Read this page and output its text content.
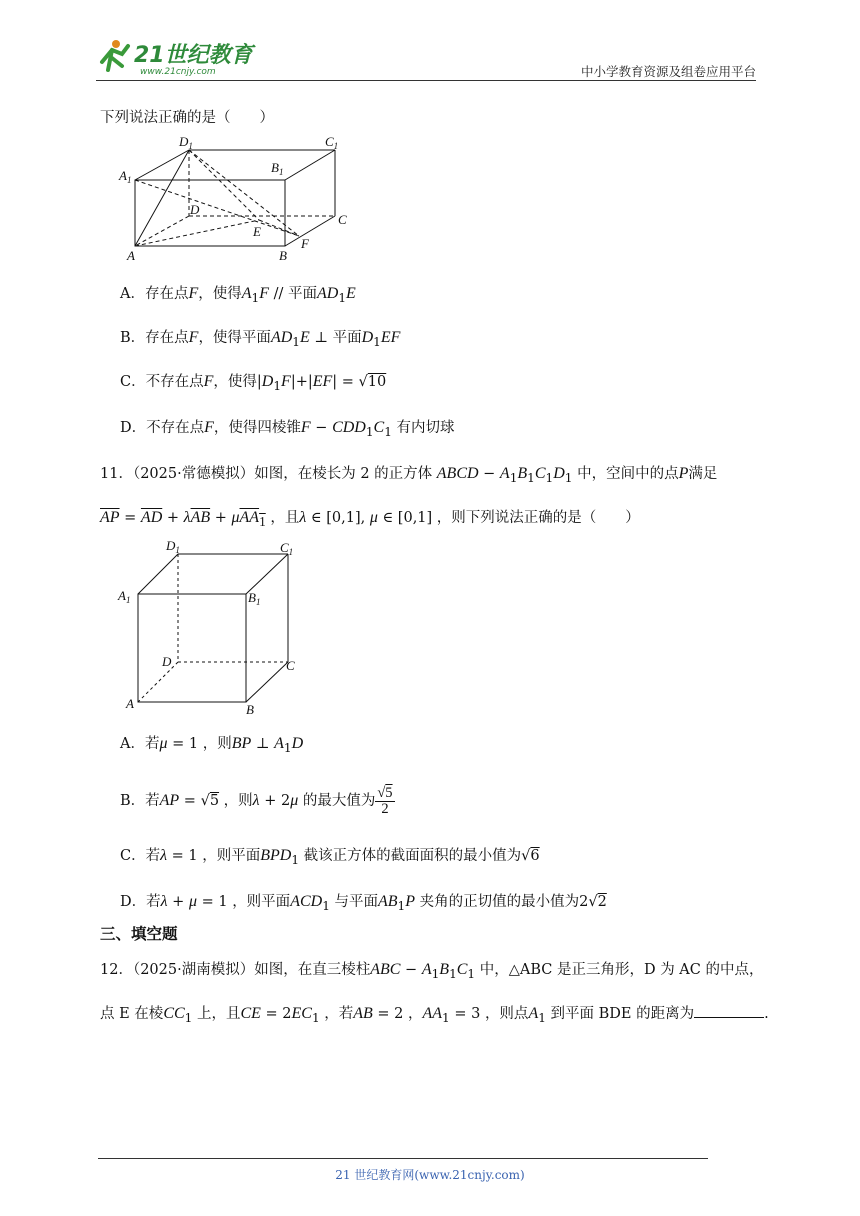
21世纪教育
www.21cnjy.com	中小学教育资源及组卷应用平台
下列说法正确的是（　　）
$D_1$	$C_1$
$A_1$
$B_1$
D
C
E
F
A	B
A．存在点F，使得$A_1F$ // 平面$AD_1E$
B．存在点F，使得平面$AD_1E$ ⊥ 平面$D_1EF$
C．不存在点F，使得$|D_1F|+|EF| = √10$
D．不存在点F，使得四棱锥$F - CDD_1C_1$ 有内切球
11．（2025·常德模拟）如图，在棱长为 2 的正方体 ABCD − $A_1B_1C_1D_1$ 中，空间中的点P满足
$\overline{AP} = \overline{AD} + \lambda\overline{AB} + \mu AA_1$ ，且λ ∈ [0,1], μ ∈ [0,1] ，则下列说法正确的是（　　）
$D_1$	$C_1$
$A_1$	$B_1$
D	C
A	B
A．若μ = 1 ，则BP ⊥ $A_1D$
B．若AP = √5 ，则λ + 2μ 的最大值为 $\frac{√5}{2}$
C．若λ = 1 ，则平面$BPD_1$ 截该正方体的截面面积的最小值为√6
D．若λ + μ = 1 ，则平面$ACD_1$ 与平面$AB_1P$ 夹角的正切值的最小值为2√2
三、填空题
12．（2025·湖南模拟）如图，在直三棱柱ABC − $A_1B_1C_1$ 中，△ABC 是正三角形，D 为 AC 的中点，
点 E 在棱$CC_1$ 上，且CE = $2EC_1$ ，若AB = 2 ，$AA_1 = 3$ ，则点$A_1$ 到平面 BDE 的距离为	.
21 世纪教育网(www.21cnjy.com)
